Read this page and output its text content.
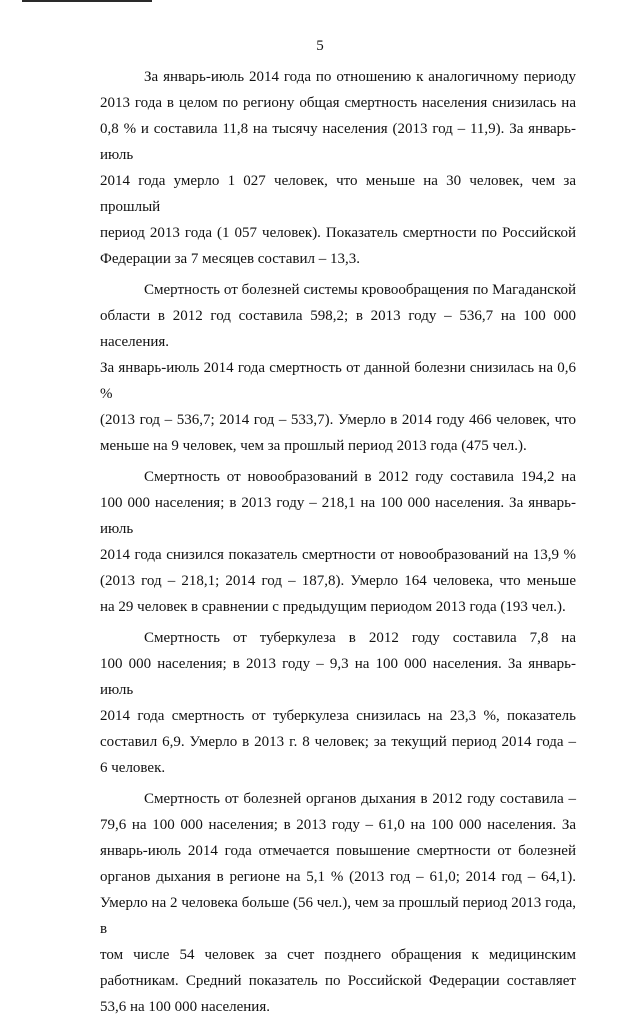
5
За январь-июль 2014 года по отношению к аналогичному периоду
2013 года в целом по региону общая смертность населения снизилась на
0,8 % и составила 11,8 на тысячу населения (2013 год – 11,9). За январь-июль
2014 года умерло 1 027 человек, что меньше на 30 человек, чем за прошлый
период 2013 года (1 057 человек). Показатель смертности по Российской
Федерации за 7 месяцев составил – 13,3.
Смертность от болезней системы кровообращения по Магаданской
области в 2012 год составила 598,2; в 2013 году – 536,7 на 100 000 населения.
За январь-июль 2014 года смертность от данной болезни снизилась на 0,6 %
(2013 год – 536,7; 2014 год – 533,7). Умерло в 2014 году 466 человек, что
меньше на 9 человек, чем за прошлый период 2013 года (475 чел.).
Смертность от новообразований в 2012 году составила 194,2 на
100 000 населения; в 2013 году – 218,1 на 100 000 населения. За январь-июль
2014 года снизился показатель смертности от новообразований на 13,9 %
(2013 год – 218,1; 2014 год – 187,8). Умерло 164 человека, что меньше
на 29 человек в сравнении с предыдущим периодом 2013 года (193 чел.).
Смертность от туберкулеза в 2012 году составила 7,8 на
100 000 населения; в 2013 году – 9,3 на 100 000 населения. За январь-июль
2014 года смертность от туберкулеза снизилась на 23,3 %, показатель
составил 6,9. Умерло в 2013 г. 8 человек; за текущий период 2014 года –
6 человек.
Смертность от болезней органов дыхания в 2012 году составила –
79,6 на 100 000 населения; в 2013 году – 61,0 на 100 000 населения. За
январь-июль 2014 года отмечается повышение смертности от болезней
органов дыхания в регионе на 5,1 % (2013 год – 61,0; 2014 год – 64,1).
Умерло на 2 человека больше (56 чел.), чем за прошлый период 2013 года, в
том числе 54 человек за счет позднего обращения к медицинским
работникам. Средний показатель по Российской Федерации составляет
53,6 на 100 000 населения.
